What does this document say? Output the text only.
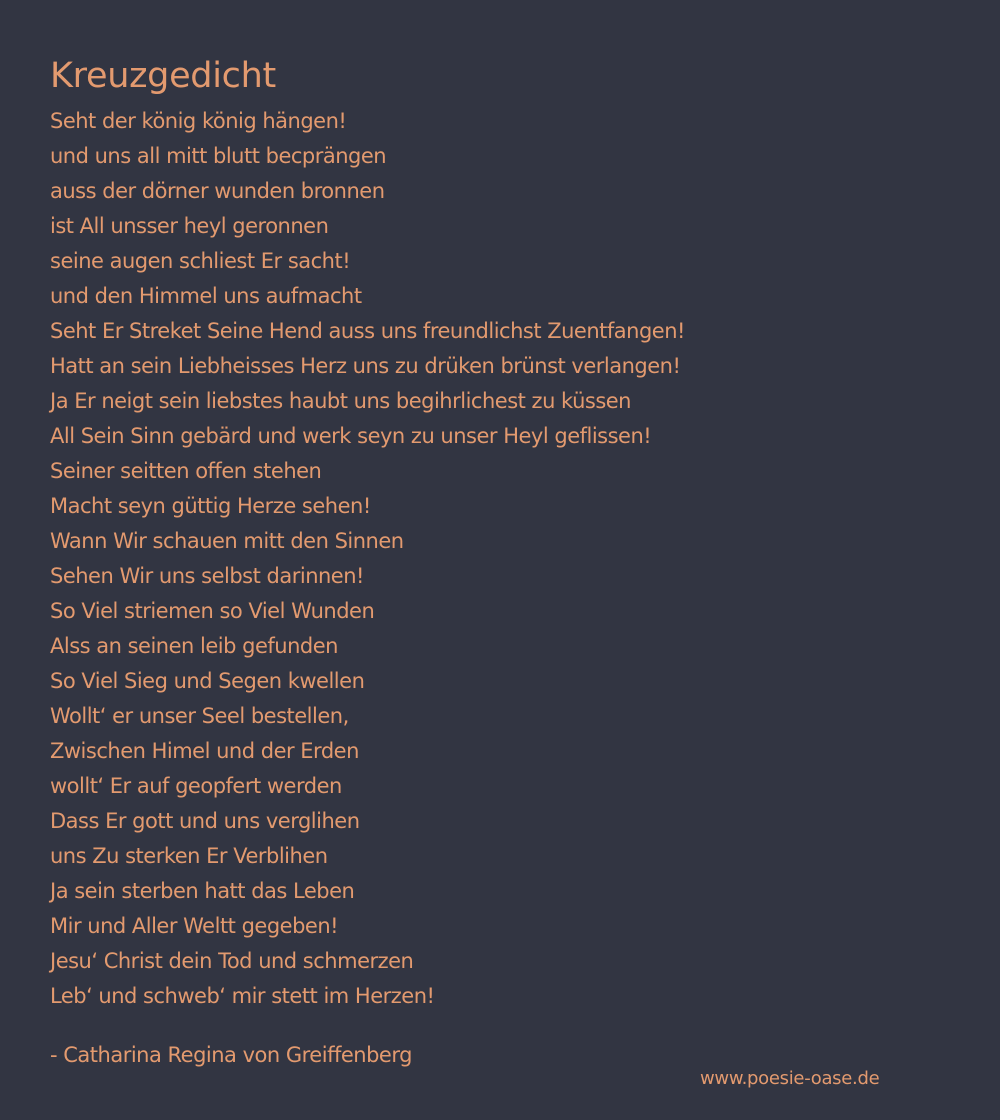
Kreuzgedicht
Seht der könig könig hängen!
und uns all mitt blutt bесprängen
auss der dörner wunden bronnen
ist All unsser heyl geronnen
seine augen schliest Er sacht!
und den Himmel uns aufmacht
Seht Er Streket Seine Hend auss uns freundlichst Zuentfangen!
Hatt an sein Liebheisses Herz uns zu drüken brünst verlangen!
Ja Er neigt sein liebstes haubt uns begihrlichest zu küssen
All Sein Sinn gebärd und werk seyn zu unser Heyl geflissen!
Seiner seitten offen stehen
Macht seyn güttig Herze sehen!
Wann Wir schauen mitt den Sinnen
Sehen Wir uns selbst darinnen!
So Viel striemen so Viel Wunden
Alss an seinen leib gefunden
So Viel Sieg und Segen kwellen
Wollt‘ er unser Seel bestellen,
Zwischen Himel und der Erden
wollt‘ Er auf geopfert werden
Dass Er gott und uns verglihen
uns Zu sterken Er Verblihen
Ja sein sterben hatt das Leben
Mir und Aller Weltt gegeben!
Jesu‘ Christ dein Tod und schmerzen
Leb‘ und schweb‘ mir stett im Herzen!
- Catharina Regina von Greiffenberg
www.poesie-oase.de
